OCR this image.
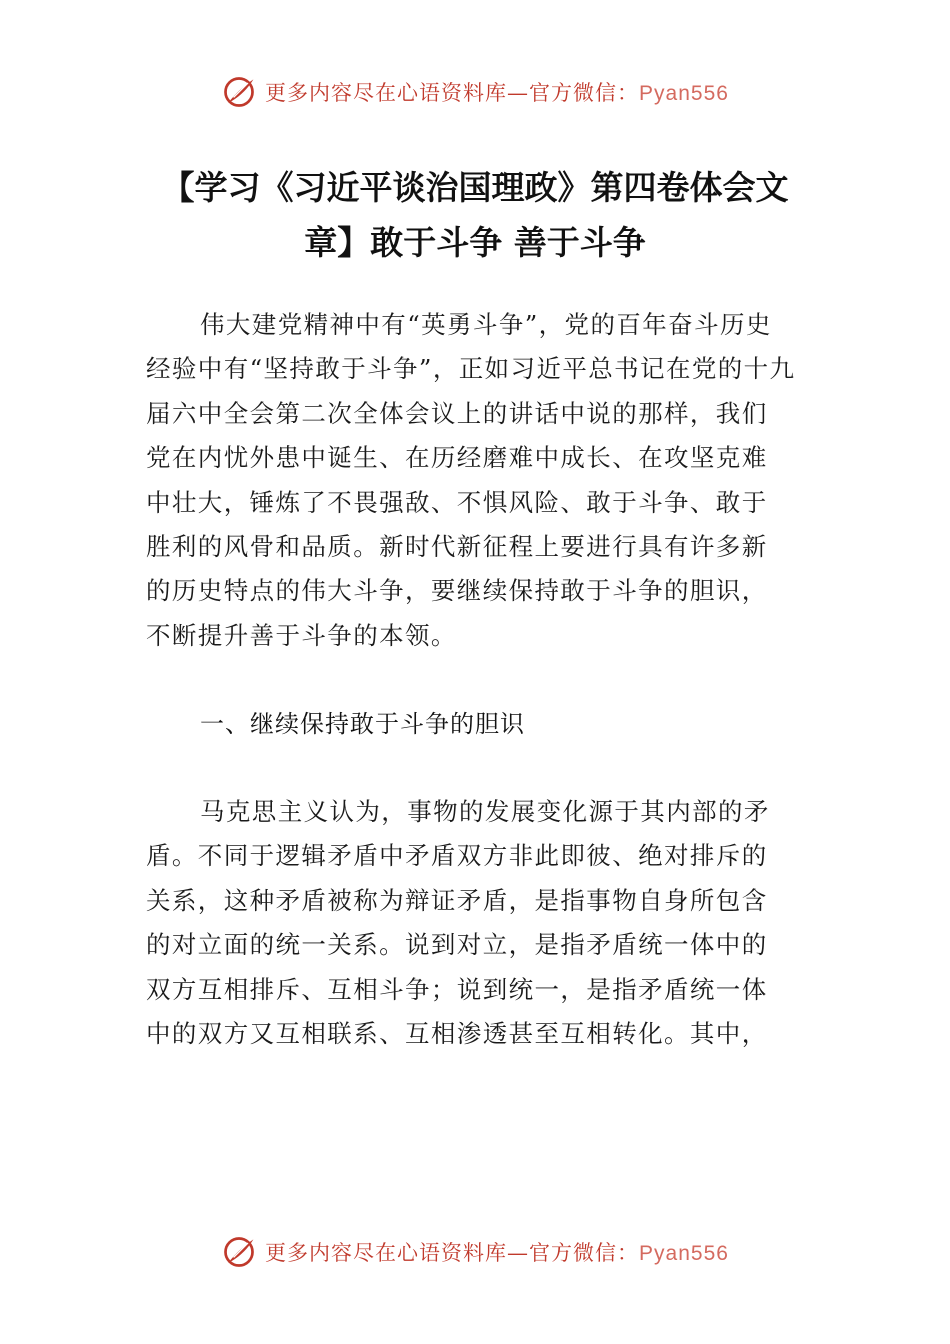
更多内容尽在心语资料库—官方微信：Pyan556
【学习《习近平谈治国理政》第四卷体会文
章】敢于斗争 善于斗争
伟大建党精神中有“英勇斗争”，党的百年奋斗历史
经验中有“坚持敢于斗争”，正如习近平总书记在党的十九
届六中全会第二次全体会议上的讲话中说的那样，我们
党在内忧外患中诞生、在历经磨难中成长、在攻坚克难
中壮大，锤炼了不畏强敌、不惧风险、敢于斗争、敢于
胜利的风骨和品质。新时代新征程上要进行具有许多新
的历史特点的伟大斗争，要继续保持敢于斗争的胆识，
不断提升善于斗争的本领。
一、继续保持敢于斗争的胆识
马克思主义认为，事物的发展变化源于其内部的矛
盾。不同于逻辑矛盾中矛盾双方非此即彼、绝对排斥的
关系，这种矛盾被称为辩证矛盾，是指事物自身所包含
的对立面的统一关系。说到对立，是指矛盾统一体中的
双方互相排斥、互相斗争；说到统一，是指矛盾统一体
中的双方又互相联系、互相渗透甚至互相转化。其中，
更多内容尽在心语资料库—官方微信：Pyan556
